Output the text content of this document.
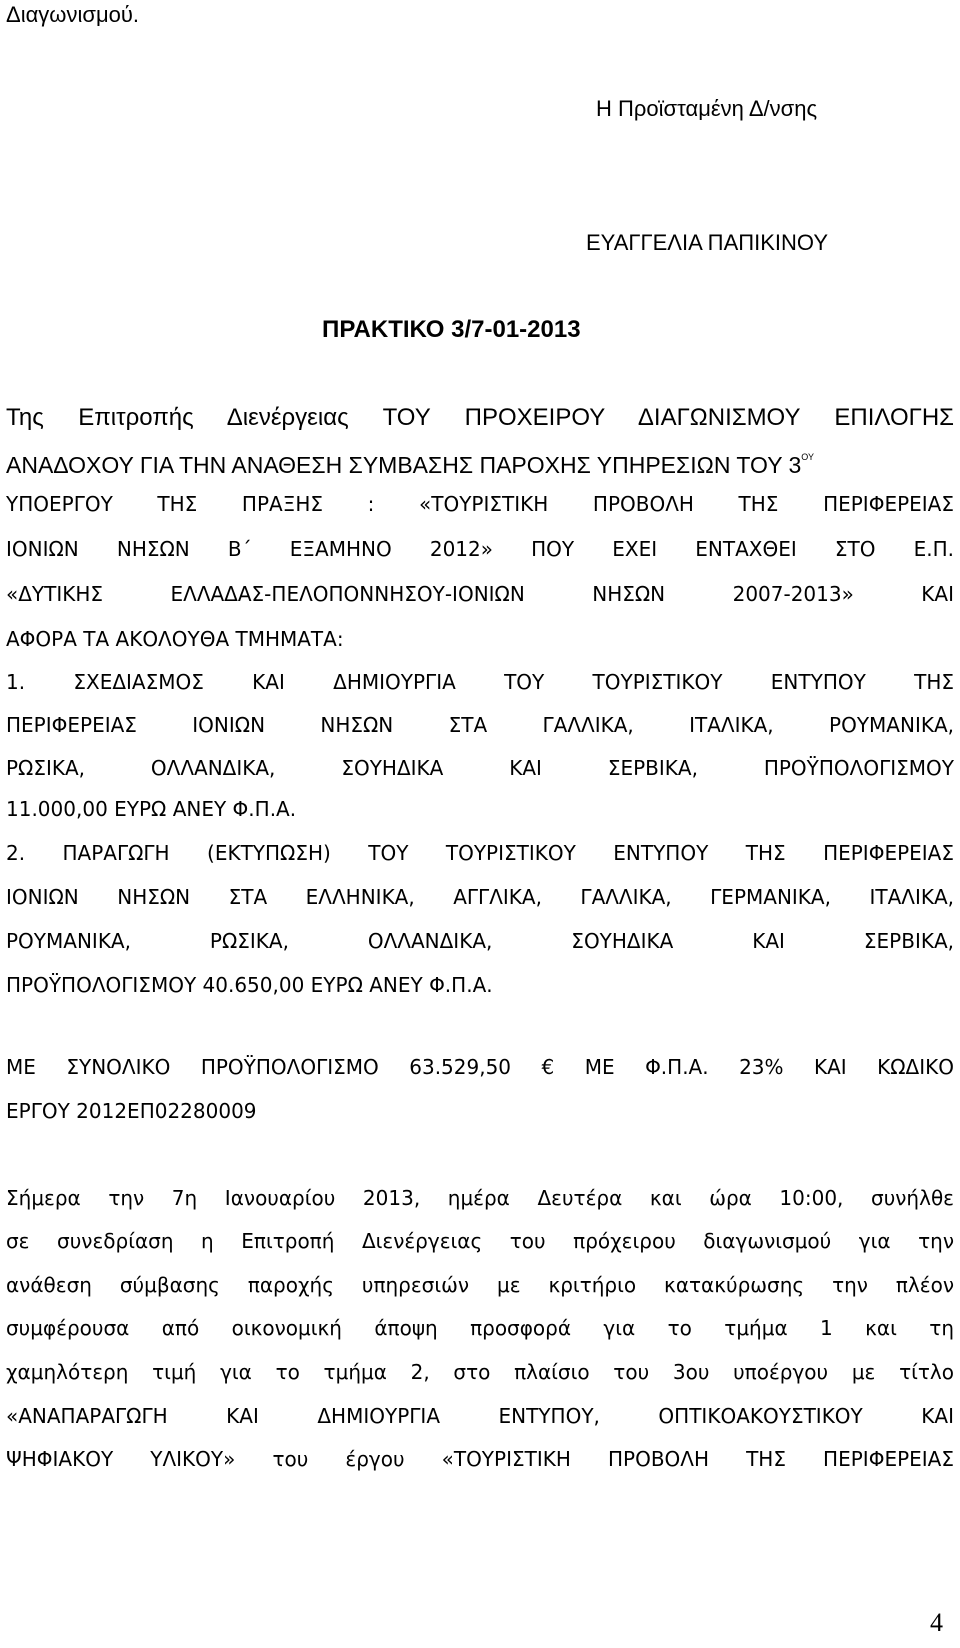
Διαγωνισμού.
Η Προϊσταμένη Δ/νσης
ΕΥΑΓΓΕΛΙΑ ΠΑΠΙΚΙΝΟΥ
ΠΡΑΚΤΙΚΟ 3/7-01-2013
Της Επιτροπής Διενέργειας ΤΟΥ ΠΡΟΧΕΙΡΟΥ ΔΙΑΓΩΝΙΣΜΟΥ ΕΠΙΛΟΓΗΣ
ΑΝΑΔΟΧΟΥ ΓΙΑ ΤΗΝ ΑΝΑΘΕΣΗ ΣΥΜΒΑΣΗΣ ΠΑΡΟΧΗΣ ΥΠΗΡΕΣΙΩΝ ΤΟΥ $3^{O\Upsilon}$
ΥΠΟΕΡΓΟΥ ΤΗΣ ΠΡΑΞΗΣ : «ΤΟΥΡΙΣΤΙΚΗ ΠΡΟΒΟΛΗ ΤΗΣ ΠΕΡΙΦΕΡΕΙΑΣ
ΙΟΝΙΩΝ ΝΗΣΩΝ Β΄ ΕΞΑΜΗΝΟ 2012» ΠΟΥ ΕΧΕΙ ΕΝΤΑΧΘΕΙ ΣΤΟ Ε.Π.
«ΔΥΤΙΚΗΣ ΕΛΛΑΔΑΣ-ΠΕΛΟΠΟΝΝΗΣΟΥ-ΙΟΝΙΩΝ ΝΗΣΩΝ 2007-2013» ΚΑΙ
ΑΦΟΡΑ ΤΑ ΑΚΟΛΟΥΘΑ ΤΜΗΜΑΤΑ:
1. ΣΧΕΔΙΑΣΜΟΣ ΚΑΙ ΔΗΜΙΟΥΡΓΙΑ ΤΟΥ ΤΟΥΡΙΣΤΙΚΟΥ ΕΝΤΥΠΟΥ ΤΗΣ
ΠΕΡΙΦΕΡΕΙΑΣ ΙΟΝΙΩΝ ΝΗΣΩΝ ΣΤΑ ΓΑΛΛΙΚΑ, ΙΤΑΛΙΚΑ, ΡΟΥΜΑΝΙΚΑ,
ΡΩΣΙΚΑ, ΟΛΛΑΝΔΙΚΑ, ΣΟΥΗΔΙΚΑ ΚΑΙ ΣΕΡΒΙΚΑ, ΠΡΟΫΠΟΛΟΓΙΣΜΟΥ
11.000,00 ΕΥΡΩ ΑΝΕΥ Φ.Π.Α.
2. ΠΑΡΑΓΩΓΗ (ΕΚΤΥΠΩΣΗ) ΤΟΥ ΤΟΥΡΙΣΤΙΚΟΥ ΕΝΤΥΠΟΥ ΤΗΣ ΠΕΡΙΦΕΡΕΙΑΣ
ΙΟΝΙΩΝ ΝΗΣΩΝ ΣΤΑ ΕΛΛΗΝΙΚΑ, ΑΓΓΛΙΚΑ, ΓΑΛΛΙΚΑ, ΓΕΡΜΑΝΙΚΑ, ΙΤΑΛΙΚΑ,
ΡΟΥΜΑΝΙΚΑ, ΡΩΣΙΚΑ, ΟΛΛΑΝΔΙΚΑ, ΣΟΥΗΔΙΚΑ ΚΑΙ ΣΕΡΒΙΚΑ,
ΠΡΟΫΠΟΛΟΓΙΣΜΟΥ 40.650,00 ΕΥΡΩ ΑΝΕΥ Φ.Π.Α.
ΜΕ ΣΥΝΟΛΙΚΟ ΠΡΟΫΠΟΛΟΓΙΣΜΟ 63.529,50 € ΜΕ Φ.Π.Α. 23% ΚΑΙ ΚΩΔΙΚΟ
ΕΡΓΟΥ 2012ΕΠ02280009
Σήμερα την 7η Ιανουαρίου 2013, ημέρα Δευτέρα και ώρα 10:00, συνήλθε
σε συνεδρίαση η Επιτροπή Διενέργειας του πρόχειρου διαγωνισμού για την
ανάθεση σύμβασης παροχής υπηρεσιών με κριτήριο κατακύρωσης την πλέον
συμφέρουσα από οικονομική άποψη προσφορά για το τμήμα 1 και τη
χαμηλότερη τιμή για το τμήμα 2, στο πλαίσιο του 3ου υποέργου με τίτλο
«ΑΝΑΠΑΡΑΓΩΓΗ ΚΑΙ ΔΗΜΙΟΥΡΓΙΑ ΕΝΤΥΠΟΥ, ΟΠΤΙΚΟΑΚΟΥΣΤΙΚΟΥ ΚΑΙ
ΨΗΦΙΑΚΟΥ ΥΛΙΚΟΥ» του έργου «ΤΟΥΡΙΣΤΙΚΗ ΠΡΟΒΟΛΗ ΤΗΣ ΠΕΡΙΦΕΡΕΙΑΣ
4
